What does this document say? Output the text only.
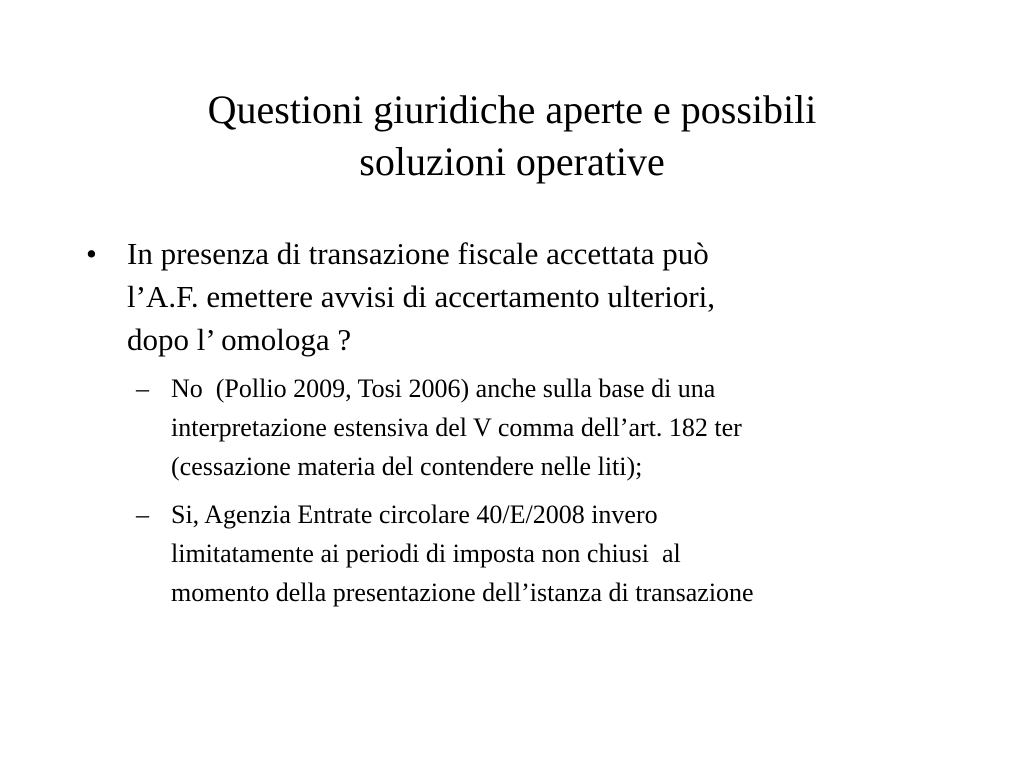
Questioni giuridiche aperte e possibili
soluzioni operative
• In presenza di transazione fiscale accettata può
l’A.F. emettere avvisi di accertamento ulteriori,
dopo l’ omologa ?
– No  (Pollio 2009, Tosi 2006) anche sulla base di una
interpretazione estensiva del V comma dell’art. 182 ter
(cessazione materia del contendere nelle liti);
– Si, Agenzia Entrate circolare 40/E/2008 invero
limitatamente ai periodi di imposta non chiusi  al
momento della presentazione dell’istanza di transazione
